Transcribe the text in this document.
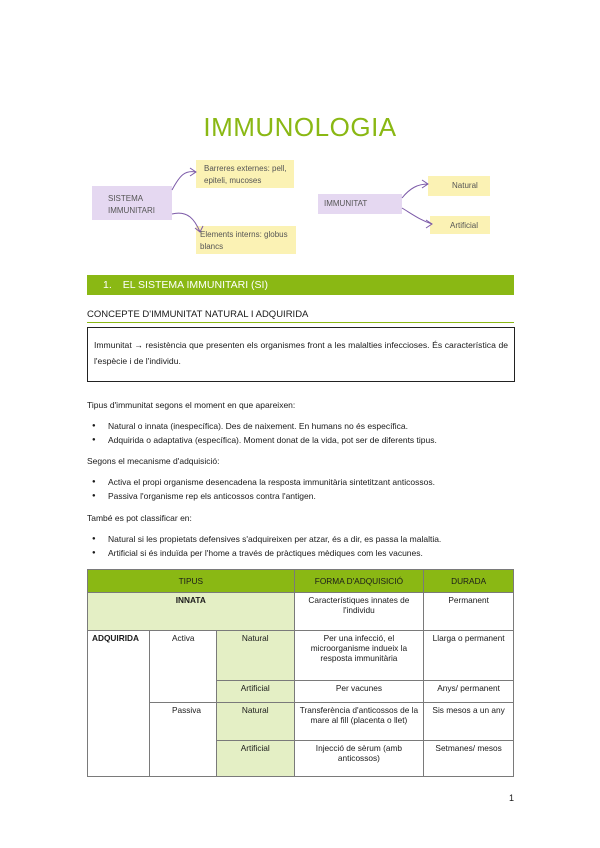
IMMUNOLOGIA
SISTEMA
IMMUNITARI
Barreres externes: pell,
epiteli, mucoses
Elements interns: globus
blancs
IMMUNITAT
Natural
Artificial
1. EL SISTEMA IMMUNITARI (SI)
CONCEPTE D'IMMUNITAT NATURAL I ADQUIRIDA
Immunitat → resistència que presenten els organismes front a les malalties infeccioses. És característica de l'espècie i de l'individu.
Tipus d'immunitat segons el moment en que apareixen:
● Natural o innata (inespecífica). Des de naixement. En humans no és específica.
● Adquirida o adaptativa (específica). Moment donat de la vida, pot ser de diferents tipus.
Segons el mecanisme d'adquisició:
● Activa el propi organisme desencadena la resposta immunitària sintetitzant anticossos.
● Passiva l'organisme rep els anticossos contra l'antigen.
També es pot classificar en:
● Natural si les propietats defensives s'adquireixen per atzar, és a dir, es passa la malaltia.
● Artificial si és induïda per l'home a través de pràctiques mèdiques com les vacunes.
TIPUS			FORMA D'ADQUISICIÓ	DURADA
INNATA			Característiques innates de l'individu	Permanent
ADQUIRIDA	Activa	Natural	Per una infecció, el microorganisme indueix la resposta immunitària	Llarga o permanent
		Artificial	Per vacunes	Anys/ permanent
	Passiva	Natural	Transferència d'anticossos de la mare al fill (placenta o llet)	Sis mesos a un any
		Artificial	Injecció de sèrum (amb anticossos)	Setmanes/ mesos
1
